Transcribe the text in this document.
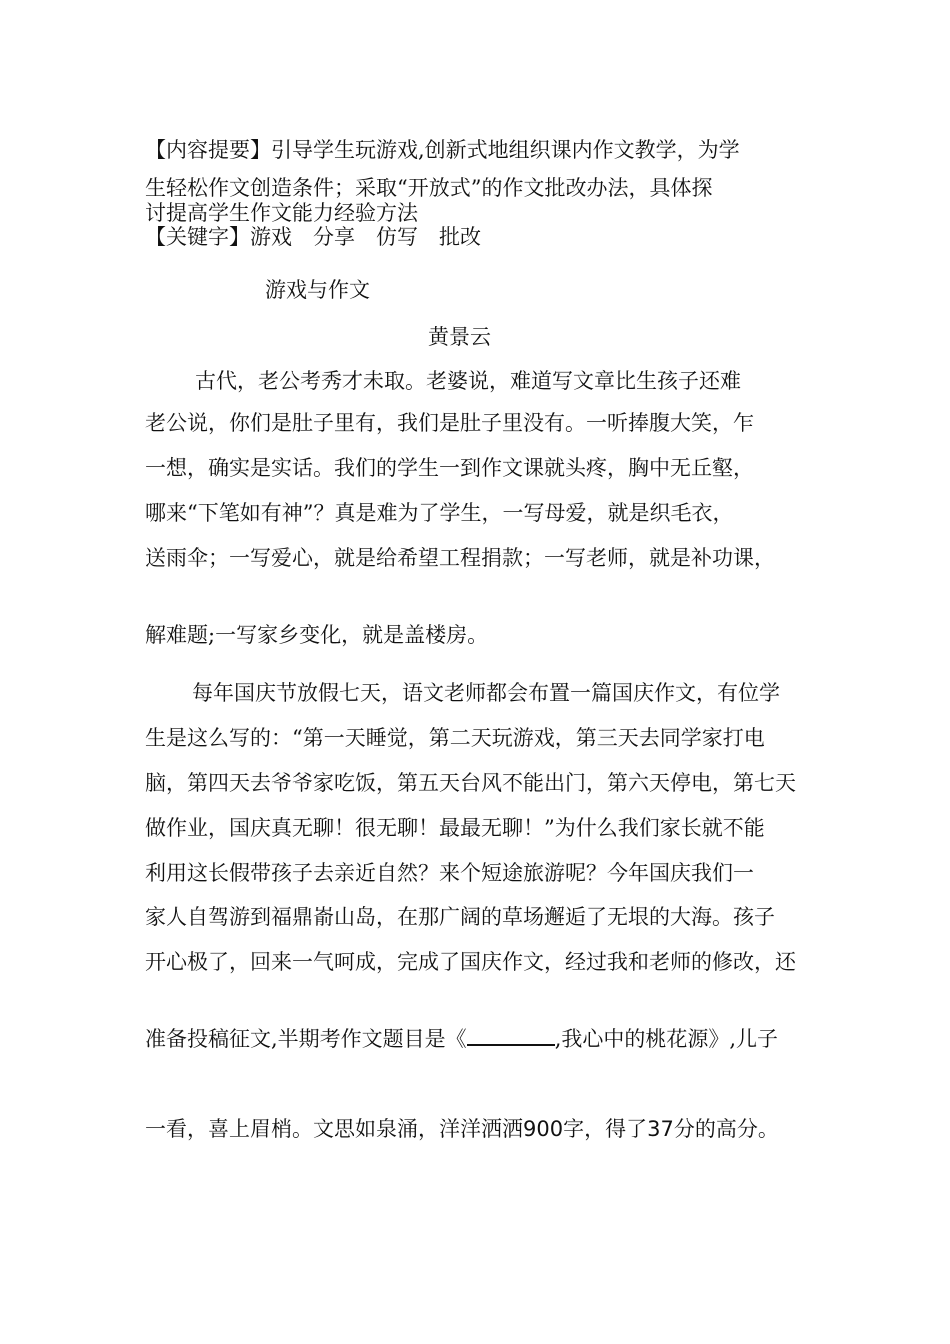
【内容提要】引导学生玩游戏,创新式地组织课内作文教学，为学
生轻松作文创造条件；采取“开放式”的作文批改办法，具体探
讨提高学生作文能力经验方法
【关键字】游戏　分享　仿写　批改
游戏与作文
黄景云
古代，老公考秀才未取。老婆说，难道写文章比生孩子还难
老公说，你们是肚子里有，我们是肚子里没有。一听捧腹大笑，乍
一想，确实是实话。我们的学生一到作文课就头疼，胸中无丘壑，
哪来“下笔如有神”？真是难为了学生，一写母爱，就是织毛衣，
送雨伞；一写爱心，就是给希望工程捐款；一写老师，就是补功课，
解难题;一写家乡变化，就是盖楼房。
每年国庆节放假七天，语文老师都会布置一篇国庆作文，有位学
生是这么写的：“第一天睡觉，第二天玩游戏，第三天去同学家打电
脑，第四天去爷爷家吃饭，第五天台风不能出门，第六天停电，第七天
做作业，国庆真无聊！很无聊！最最无聊！”为什么我们家长就不能
利用这长假带孩子去亲近自然？来个短途旅游呢？今年国庆我们一
家人自驾游到福鼎嵛山岛，在那广阔的草场邂逅了无垠的大海。孩子
开心极了，回来一气呵成，完成了国庆作文，经过我和老师的修改，还
准备投稿征文,半期考作文题目是《	,我心中的桃花源》,儿子
一看，喜上眉梢。文思如泉涌，洋洋洒洒900字，得了37分的高分。
